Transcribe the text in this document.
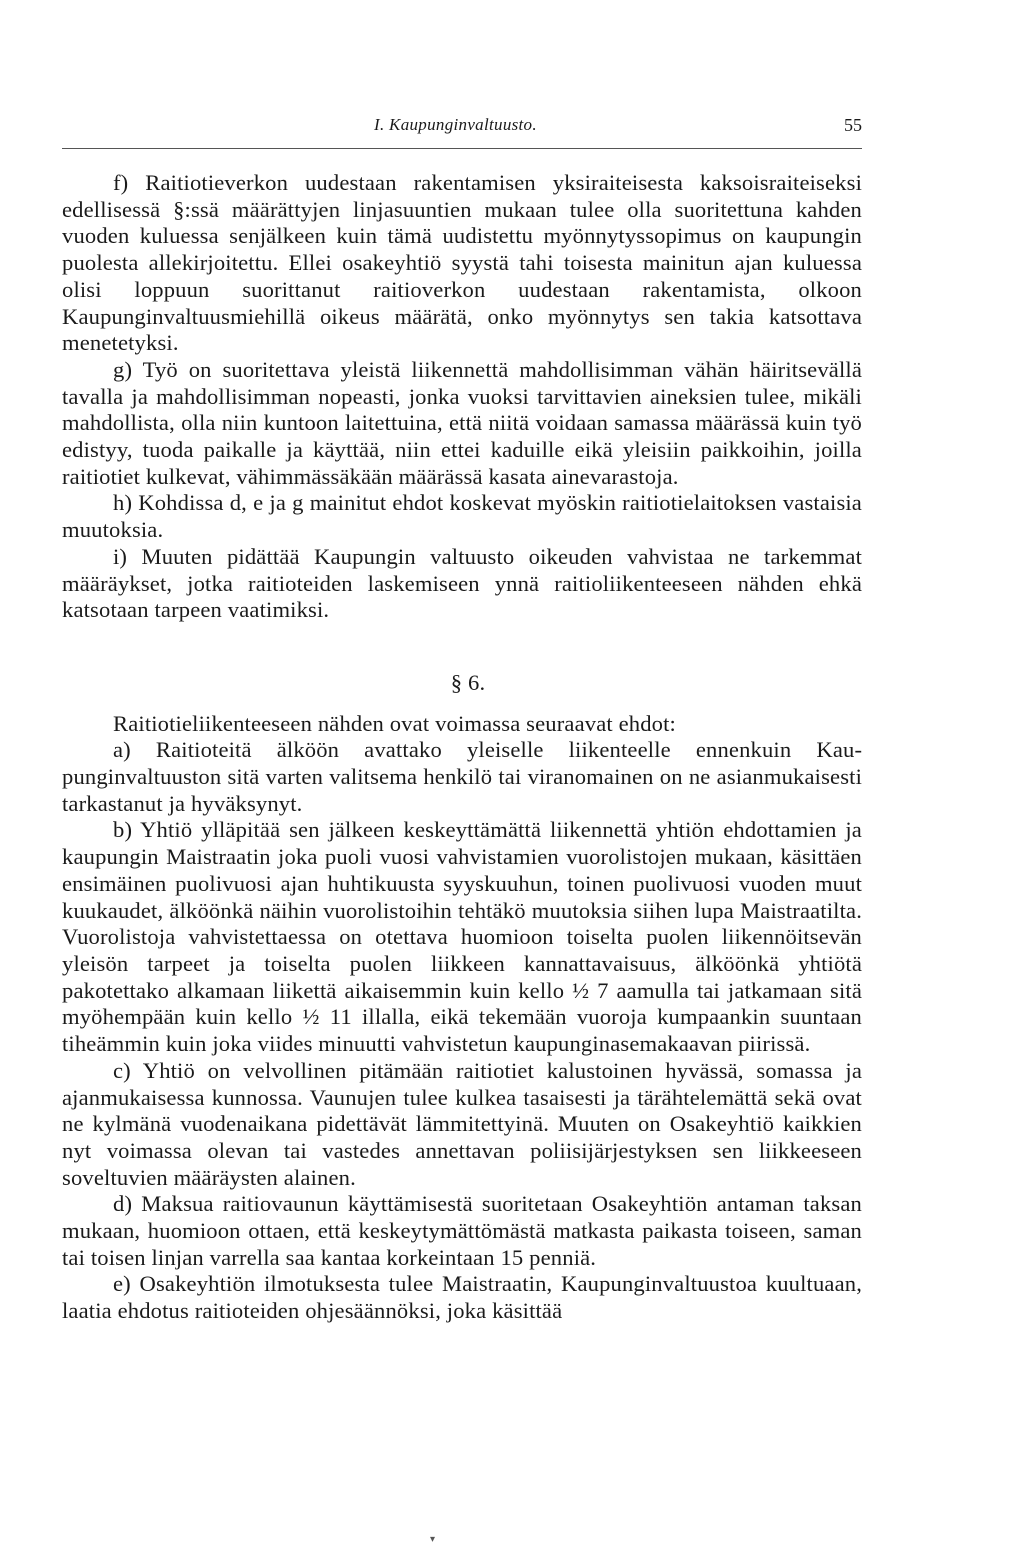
I. Kaupunginvaltuusto.	55

f) Raitiotieverkon uudestaan rakentamisen yksiraiteisesta kaksoisraiteiseksi edellisessä §:ssä määrättyjen linjasuuntien mukaan tulee olla suoritettuna kahden vuoden kuluessa senjälkeen kuin tämä uudistettu myönnytyssopimus on kaupungin puolesta allekirjoitettu. Ellei osakeyhtiö syystä tahi toisesta mainitun ajan kuluessa olisi loppuun suorittanut raitioverkon uudestaan rakentamista, olkoon Kaupunginvaltuusmiehillä oikeus määrätä, onko myönnytys sen takia katsottava menetetyksi.

g) Työ on suoritettava yleistä liikennettä mahdollisimman vähän häiritsevällä tavalla ja mahdollisimman nopeasti, jonka vuoksi tarvittavien aineksien tulee, mikäli mahdollista, olla niin kuntoon laitettuina, että niitä voidaan samassa määrässä kuin työ edistyy, tuoda paikalle ja käyttää, niin ettei kaduille eikä yleisiin paikkoihin, joilla raitiotiet kulkevat, vähimmässäkään määrässä kasata ainevarastoja.

h) Kohdissa d, e ja g mainitut ehdot koskevat myöskin raitiotielaitoksen vastaisia muutoksia.

i) Muuten pidättää Kaupungin valtuusto oikeuden vahvistaa ne tarkemmat määräykset, jotka raitioteiden laskemiseen ynnä raitioliikenteeseen nähden ehkä katsotaan tarpeen vaatimiksi.

§ 6.

Raitiotieliikenteeseen nähden ovat voimassa seuraavat ehdot:

a) Raitioteitä älköön avattako yleiselle liikenteelle ennenkuin Kaupunginvaltuuston sitä varten valitsema henkilö tai viranomainen on ne asianmukaisesti tarkastanut ja hyväksynyt.

b) Yhtiö ylläpitää sen jälkeen keskeyttämättä liikennettä yhtiön ehdottamien ja kaupungin Maistraatin joka puoli vuosi vahvistamien vuorolistojen mukaan, käsittäen ensimäinen puolivuosi ajan huhtikuusta syyskuuhun, toinen puolivuosi vuoden muut kuukaudet, älköönkä näihin vuorolistoihin tehtäkö muutoksia siihen lupa Maistraatilta. Vuorolistoja vahvistettaessa on otettava huomioon toiselta puolen liikennöitsevän yleisön tarpeet ja toiselta puolen liikkeen kannattavaisuus, älköönkä yhtiötä pakotettako alkamaan liikettä aikaisemmin kuin kello ½ 7 aamulla tai jatkamaan sitä myöhempään kuin kello ½ 11 illalla, eikä tekemään vuoroja kumpaankin suuntaan tiheämmin kuin joka viides minuutti vahvistetun kaupunginasemakaavan piirissä.

c) Yhtiö on velvollinen pitämään raitiotiet kalustoinen hyvässä, somassa ja ajanmukaisessa kunnossa. Vaunujen tulee kulkea tasaisesti ja tärähtelemättä sekä ovat ne kylmänä vuodenaikana pidettävät lämmitettyinä. Muuten on Osakeyhtiö kaikkien nyt voimassa olevan tai vastedes annettavan poliisijärjestyksen sen liikkeeseen soveltuvien määräysten alainen.

d) Maksua raitiovaunun käyttämisestä suoritetaan Osakeyhtiön antaman taksan mukaan, huomioon ottaen, että keskeytymättömästä matkasta paikasta toiseen, saman tai toisen linjan varrella saa kantaa korkeintaan 15 penniä.

e) Osakeyhtiön ilmotuksesta tulee Maistraatin, Kaupunginvaltuustoa kuultuaan, laatia ehdotus raitioteiden ohjesäännöksi, joka käsittää

▾
